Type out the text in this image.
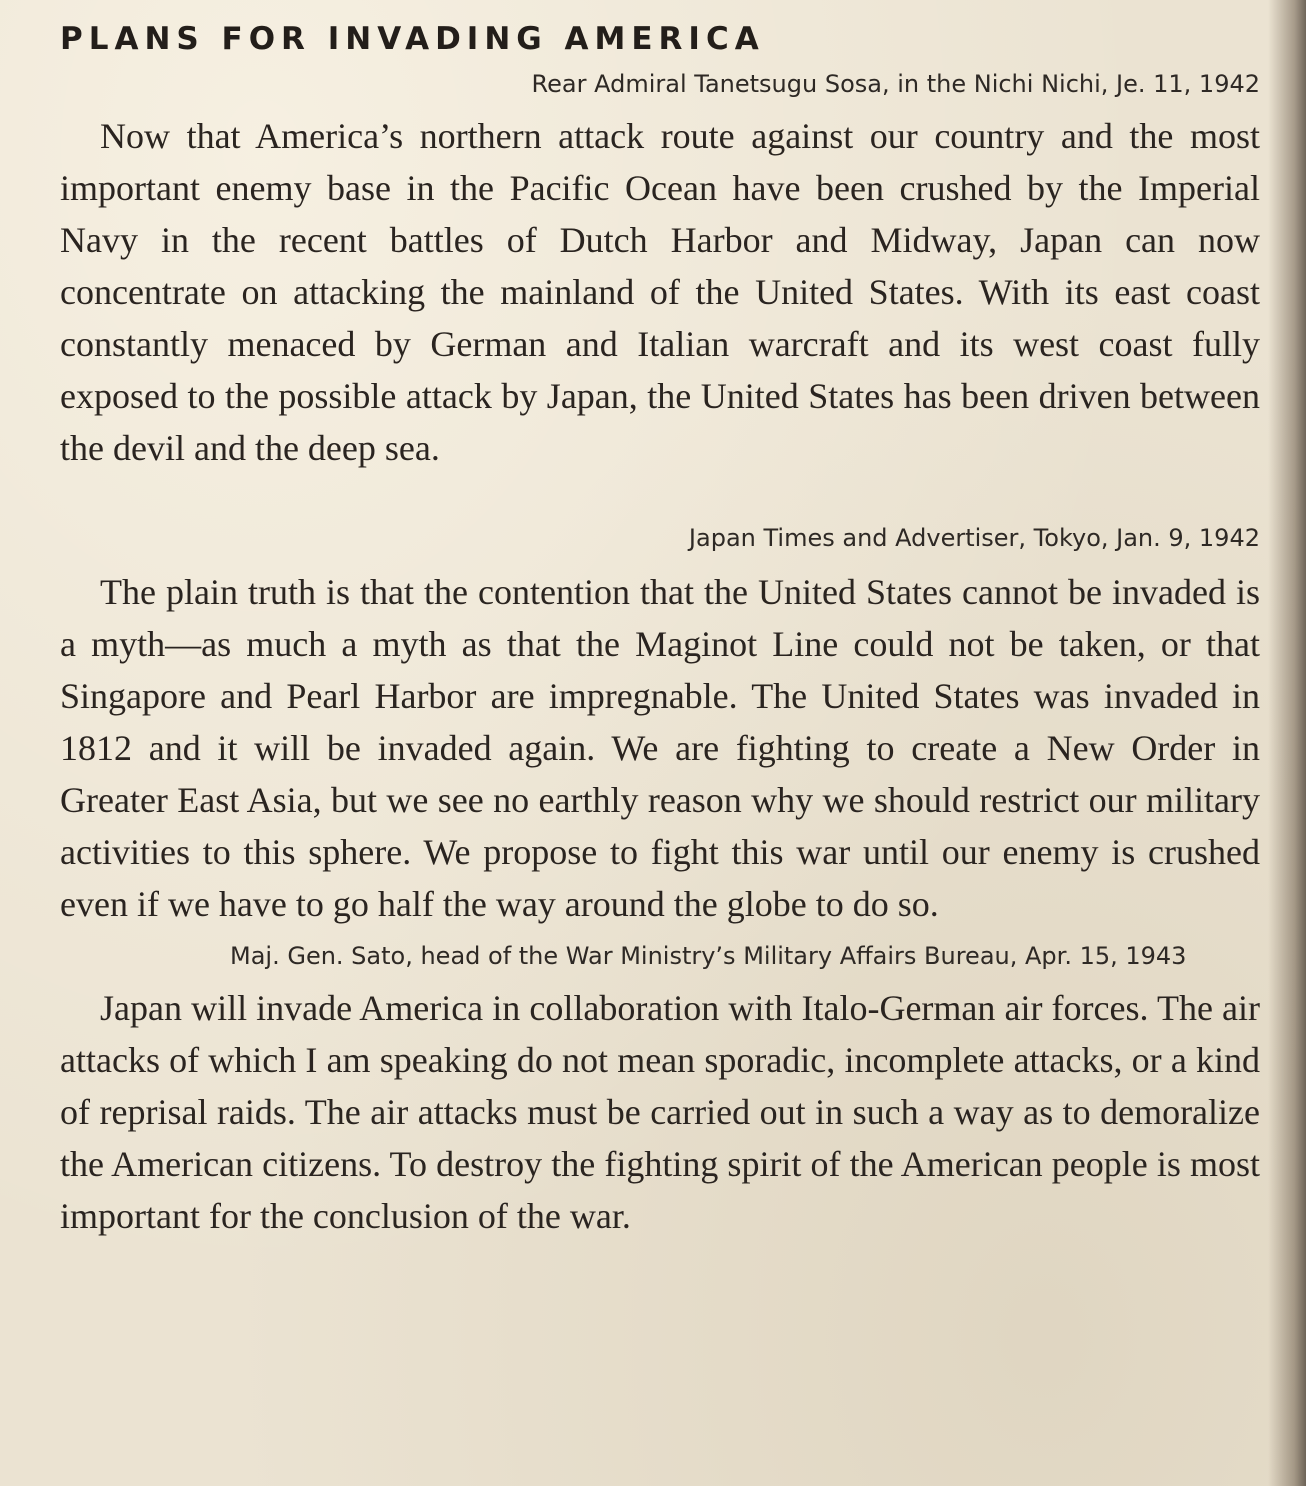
PLANS FOR INVADING AMERICA

Rear Admiral Tanetsugu Sosa, in the Nichi Nichi, Je. 11, 1942

Now that America’s northern attack route against our country and the most important enemy base in the Pacific Ocean have been crushed by the Imperial Navy in the recent battles of Dutch Harbor and Midway, Japan can now concentrate on attacking the mainland of the United States. With its east coast constantly menaced by German and Italian warcraft and its west coast fully exposed to the possible attack by Japan, the United States has been driven between the devil and the deep sea.

Japan Times and Advertiser, Tokyo, Jan. 9, 1942

The plain truth is that the contention that the United States cannot be invaded is a myth—as much a myth as that the Maginot Line could not be taken, or that Singapore and Pearl Harbor are impregnable. The United States was invaded in 1812 and it will be invaded again. We are fighting to create a New Order in Greater East Asia, but we see no earthly reason why we should restrict our military activities to this sphere. We propose to fight this war until our enemy is crushed even if we have to go half the way around the globe to do so.

Maj. Gen. Sato, head of the War Ministry’s Military Affairs Bureau, Apr. 15, 1943

Japan will invade America in collaboration with Italo-German air forces. The air attacks of which I am speaking do not mean sporadic, incomplete attacks, or a kind of reprisal raids. The air attacks must be carried out in such a way as to demoralize the American citizens. To destroy the fighting spirit of the American people is most important for the conclusion of the war.
